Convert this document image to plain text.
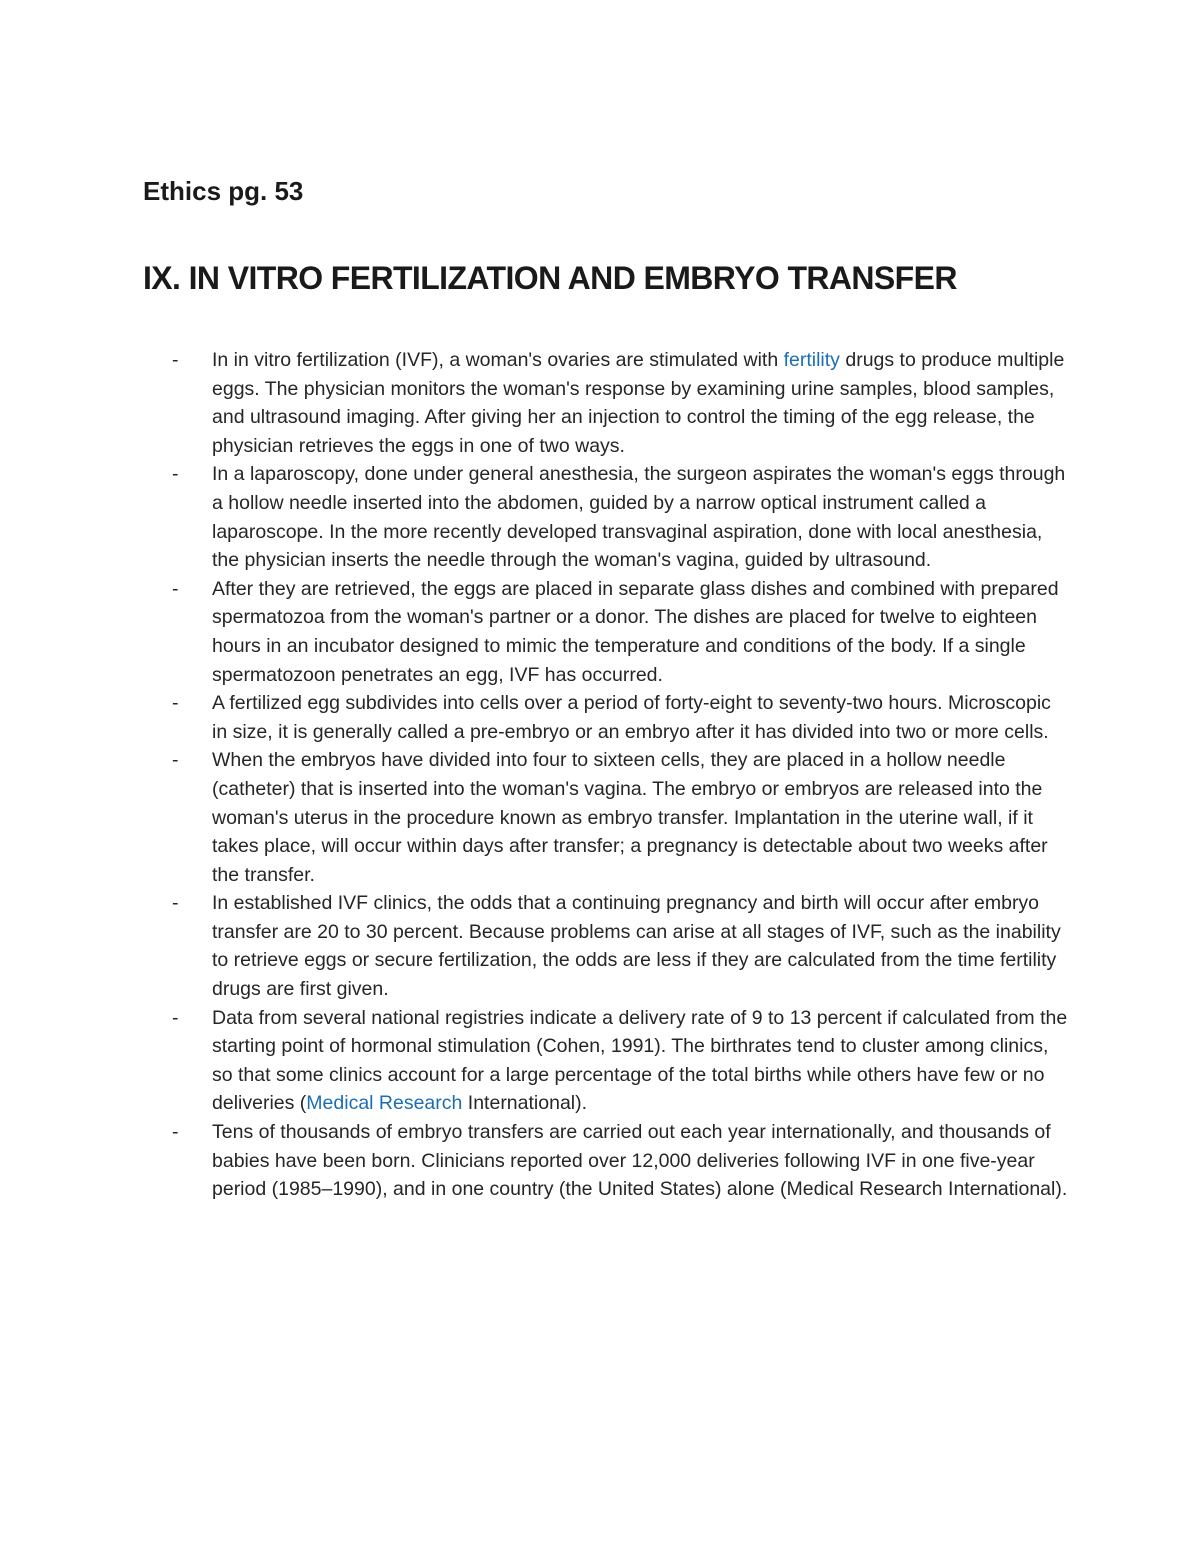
Ethics pg. 53
IX. IN VITRO FERTILIZATION AND EMBRYO TRANSFER
- In in vitro fertilization (IVF), a woman's ovaries are stimulated with fertility drugs to produce multiple eggs. The physician monitors the woman's response by examining urine samples, blood samples, and ultrasound imaging. After giving her an injection to control the timing of the egg release, the physician retrieves the eggs in one of two ways.
- In a laparoscopy, done under general anesthesia, the surgeon aspirates the woman's eggs through a hollow needle inserted into the abdomen, guided by a narrow optical instrument called a laparoscope. In the more recently developed transvaginal aspiration, done with local anesthesia, the physician inserts the needle through the woman's vagina, guided by ultrasound.
- After they are retrieved, the eggs are placed in separate glass dishes and combined with prepared spermatozoa from the woman's partner or a donor. The dishes are placed for twelve to eighteen hours in an incubator designed to mimic the temperature and conditions of the body. If a single spermatozoon penetrates an egg, IVF has occurred.
- A fertilized egg subdivides into cells over a period of forty-eight to seventy-two hours. Microscopic in size, it is generally called a pre-embryo or an embryo after it has divided into two or more cells.
- When the embryos have divided into four to sixteen cells, they are placed in a hollow needle (catheter) that is inserted into the woman's vagina. The embryo or embryos are released into the woman's uterus in the procedure known as embryo transfer. Implantation in the uterine wall, if it takes place, will occur within days after transfer; a pregnancy is detectable about two weeks after the transfer.
- In established IVF clinics, the odds that a continuing pregnancy and birth will occur after embryo transfer are 20 to 30 percent. Because problems can arise at all stages of IVF, such as the inability to retrieve eggs or secure fertilization, the odds are less if they are calculated from the time fertility drugs are first given.
- Data from several national registries indicate a delivery rate of 9 to 13 percent if calculated from the starting point of hormonal stimulation (Cohen, 1991). The birthrates tend to cluster among clinics, so that some clinics account for a large percentage of the total births while others have few or no deliveries (Medical Research International).
- Tens of thousands of embryo transfers are carried out each year internationally, and thousands of babies have been born. Clinicians reported over 12,000 deliveries following IVF in one five-year period (1985–1990), and in one country (the United States) alone (Medical Research International).
